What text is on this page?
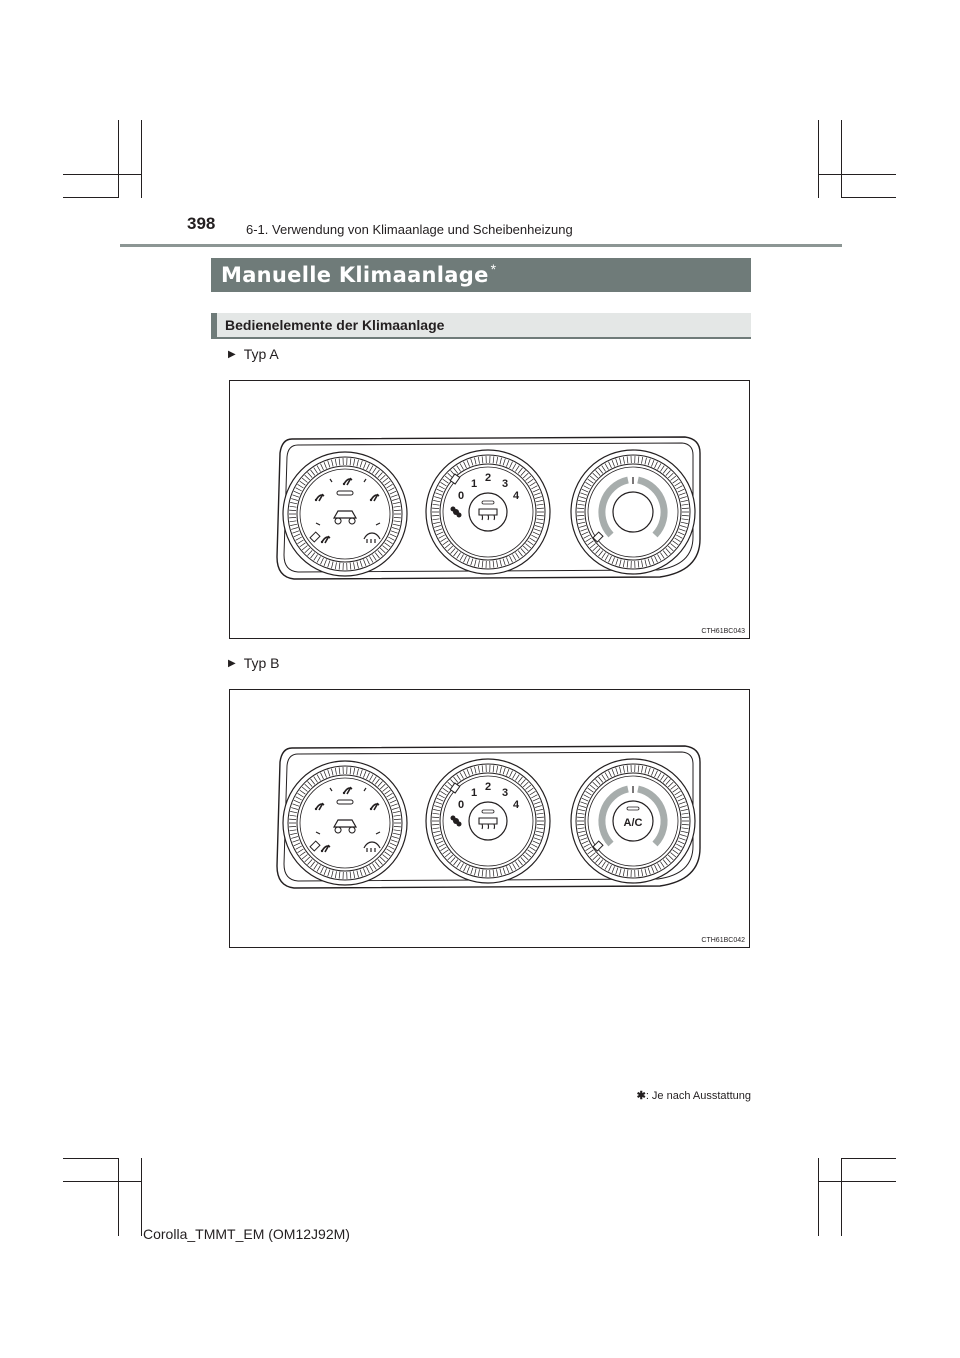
398 6-1. Verwendung von Klimaanlage und Scheibenheizung
Manuelle Klimaanlage *
Bedienelemente der Klimaanlage
▶ Typ A
0
1 2 3
4
CTH61BC043
▶ Typ B
0
1 2 3
4
A/C
CTH61BC042
✱: Je nach Ausstattung
Corolla_TMMT_EM (OM12J92M)
